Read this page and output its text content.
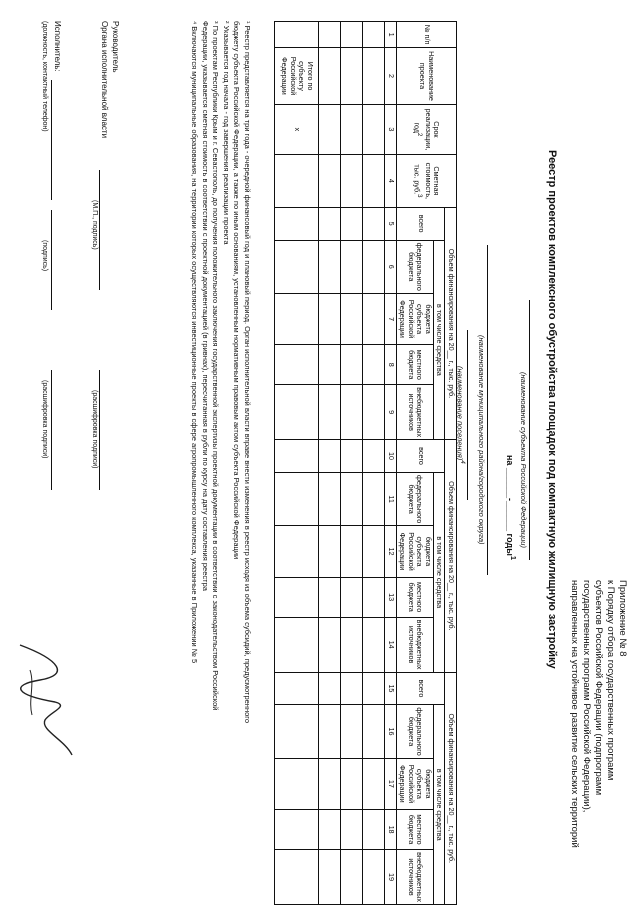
Приложение № 8
к Порядку отбора государственных программ
субъектов Российской Федерации (подпрограмм
государственных программ Российской Федерации),
направленных на устойчивое развитие сельских территорий
Реестр проектов комплексного обустройства площадок под компактную жилищную застройку
(наименование субъекта Российской Федерации)
на ______-______ годы$^1$
(наименование муниципального района/городского округа)
(наименование поселения)$^4$
№ п/п	Наименование проекта	Срок реализации, год$^2$	Сметная стоимость, тыс. руб.$^3$	Объем финансирования на 20__ г., тыс. руб.					Объем финансирования на 20__ г., тыс. руб.					Объем финансирования на 20__ г., тыс. руб.				
				всего	в том числе средства				всего	в том числе средства				всего	в том числе средства			
					федерального бюджета	бюджета субъекта Российской Федерации	местного бюджета	внебюджетных источников		федерального бюджета	бюджета субъекта Российской Федерации	местного бюджета	внебюджетных источников		федерального бюджета	бюджета субъекта Российской Федерации	местного бюджета	внебюджетных источников
1	2	3	4	5	6	7	8	9	10	11	12	13	14	15	16	17	18	19

	Итого по субъекту Российской Федерации	x																
¹ Реестр представляется на три года - очередной финансовый год и плановый период. Орган исполнительной власти вправе внести изменения в реестр исходя из объема субсидий, предусмотренного
бюджету субъекта Российской Федерации, а также по иным основаниям, установленным нормативным правовым актом субъекта Российской Федерации
² Указывается год начала - год завершения реализации проекта
³ По проектам Республики Крым и г. Севастополь, до получения положительного заключения государственной экспертизы проектной документации в соответствии с законодательством Российской
Федерации, указывается сметная стоимость в соответствии с проектной документацией (в гривнах), пересчитанная в рубли по курсу на дату составления реестра
⁴ Включаются муниципальные образования, на территории которых осуществляются инвестиционные проекты в сфере агропромышленного комплекса, указанные в Приложении № 5
Руководитель
Органа исполнительной власти
(М.П., подпись)
(расшифровка подписи)
Исполнитель:
(должность, контактный телефон)
(подпись)
(расшифровка подписи)
